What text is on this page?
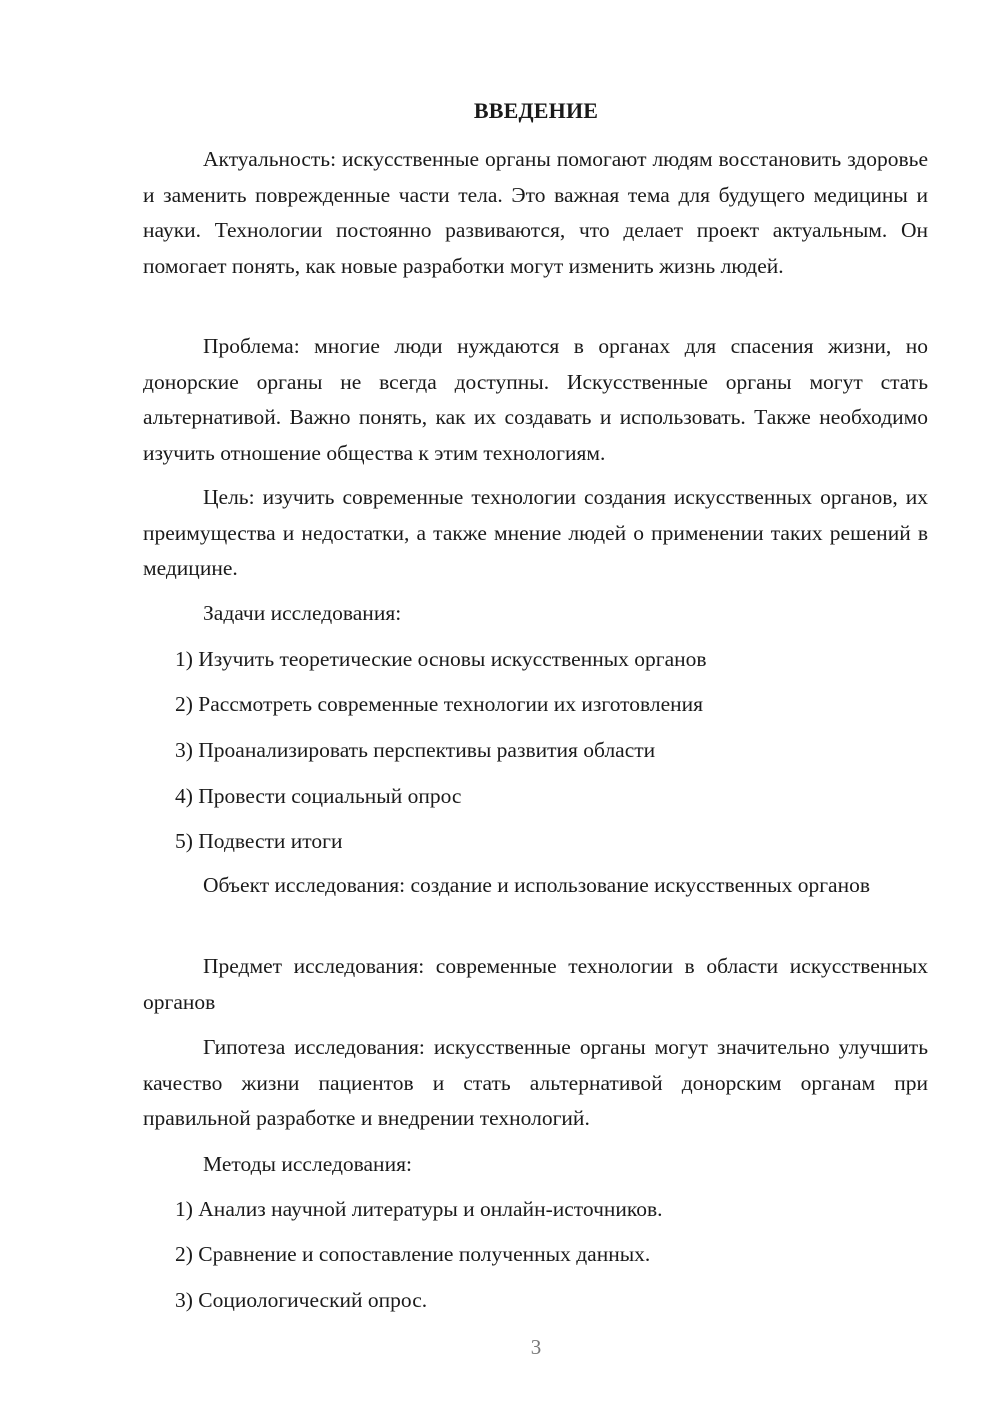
ВВЕДЕНИЕ

Актуальность: искусственные органы помогают людям восстановить здоровье и заменить поврежденные части тела. Это важная тема для будущего медицины и науки. Технологии постоянно развиваются, что делает проект актуальным. Он помогает понять, как новые разработки могут изменить жизнь людей.

Проблема: многие люди нуждаются в органах для спасения жизни, но донорские органы не всегда доступны. Искусственные органы могут стать альтернативой. Важно понять, как их создавать и использовать. Также необходимо изучить отношение общества к этим технологиям.

Цель: изучить современные технологии создания искусственных органов, их преимущества и недостатки, а также мнение людей о применении таких решений в медицине.

Задачи исследования:

1) Изучить теоретические основы искусственных органов

2) Рассмотреть современные технологии их изготовления

3) Проанализировать перспективы развития области

4) Провести социальный опрос

5) Подвести итоги

Объект исследования: создание и использование искусственных органов

Предмет исследования: современные технологии в области искусственных органов

Гипотеза исследования: искусственные органы могут значительно улучшить качество жизни пациентов и стать альтернативой донорским органам при правильной разработке и внедрении технологий.

Методы исследования:

1) Анализ научной литературы и онлайн-источников.

2) Сравнение и сопоставление полученных данных.

3) Социологический опрос.

3
